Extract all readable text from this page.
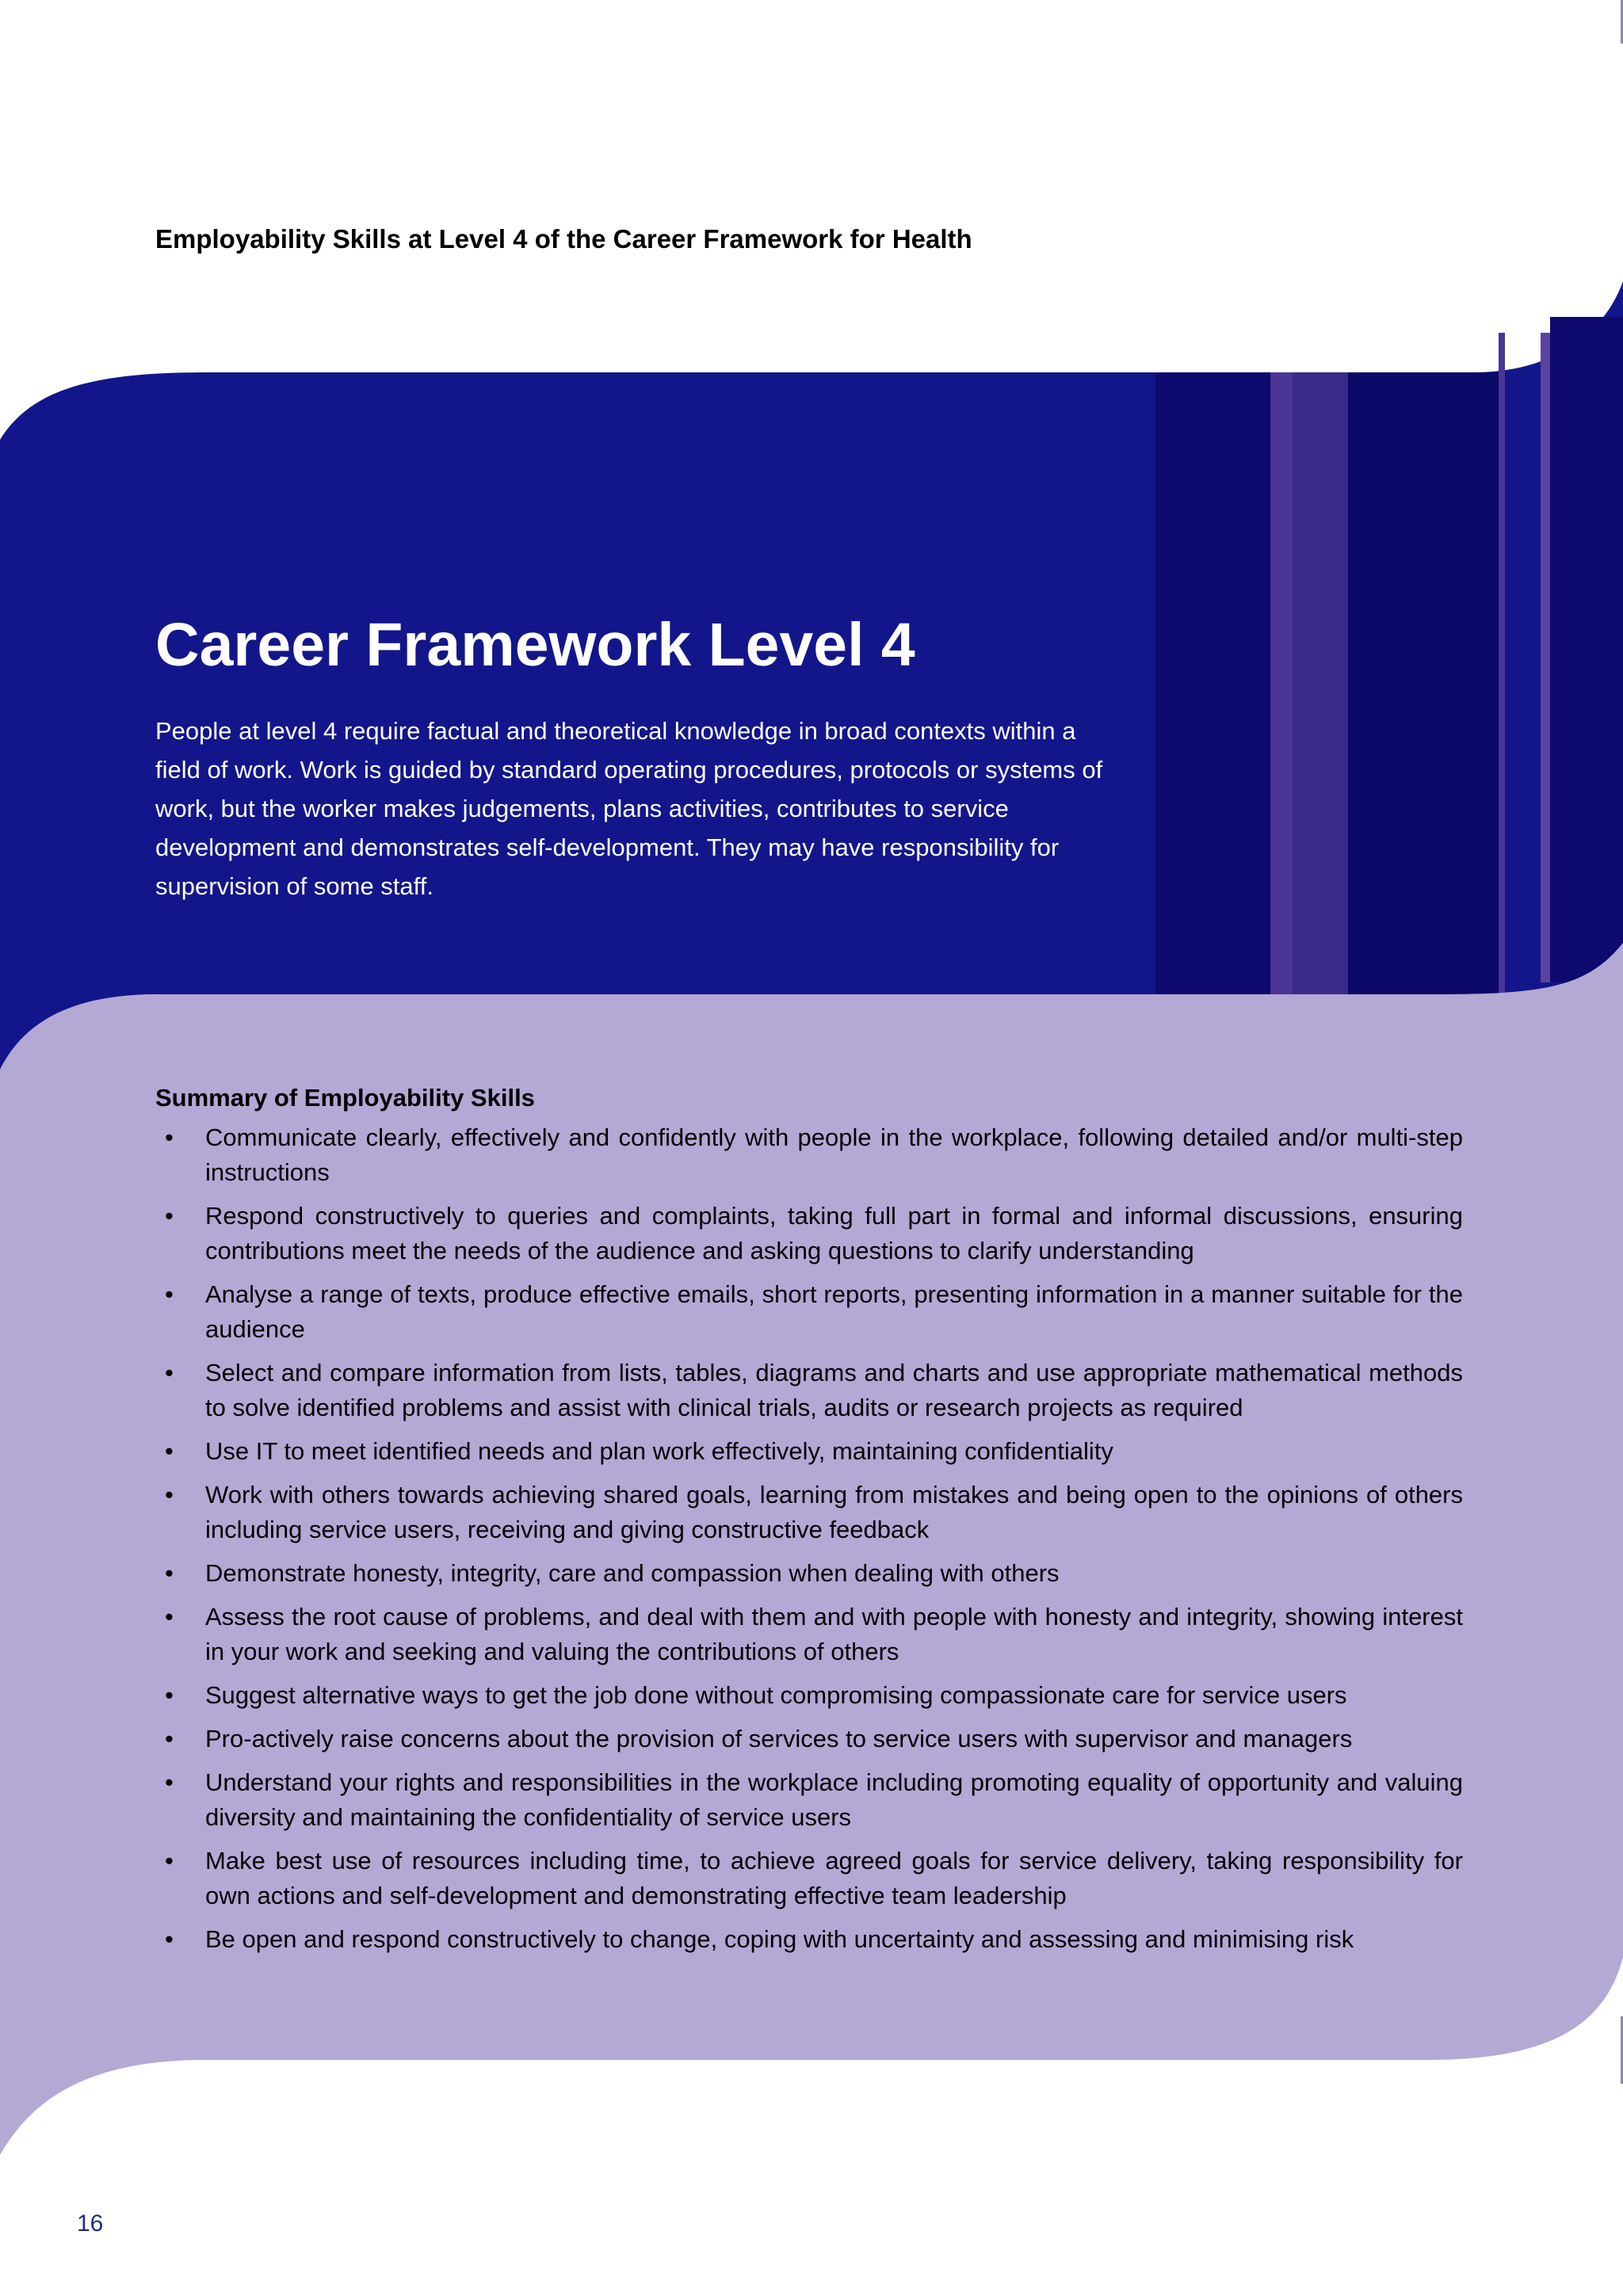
Employability Skills at Level 4 of the Career Framework for Health

Career Framework Level 4

People at level 4 require factual and theoretical knowledge in broad contexts within a field of work. Work is guided by standard operating procedures, protocols or systems of work, but the worker makes judgements, plans activities, contributes to service development and demonstrates self-development. They may have responsibility for supervision of some staff.

Summary of Employability Skills
• Communicate clearly, effectively and confidently with people in the workplace, following detailed and/or multi-step instructions
• Respond constructively to queries and complaints, taking full part in formal and informal discussions, ensuring contributions meet the needs of the audience and asking questions to clarify understanding
• Analyse a range of texts, produce effective emails, short reports, presenting information in a manner suitable for the audience
• Select and compare information from lists, tables, diagrams and charts and use appropriate mathematical methods to solve identified problems and assist with clinical trials, audits or research projects as required
• Use IT to meet identified needs and plan work effectively, maintaining confidentiality
• Work with others towards achieving shared goals, learning from mistakes and being open to the opinions of others including service users, receiving and giving constructive feedback
• Demonstrate honesty, integrity, care and compassion when dealing with others
• Assess the root cause of problems, and deal with them and with people with honesty and integrity, showing interest in your work and seeking and valuing the contributions of others
• Suggest alternative ways to get the job done without compromising compassionate care for service users
• Pro-actively raise concerns about the provision of services to service users with supervisor and managers
• Understand your rights and responsibilities in the workplace including promoting equality of opportunity and valuing diversity and maintaining the confidentiality of service users
• Make best use of resources including time, to achieve agreed goals for service delivery, taking responsibility for own actions and self-development and demonstrating effective team leadership
• Be open and respond constructively to change, coping with uncertainty and assessing and minimising risk

16
